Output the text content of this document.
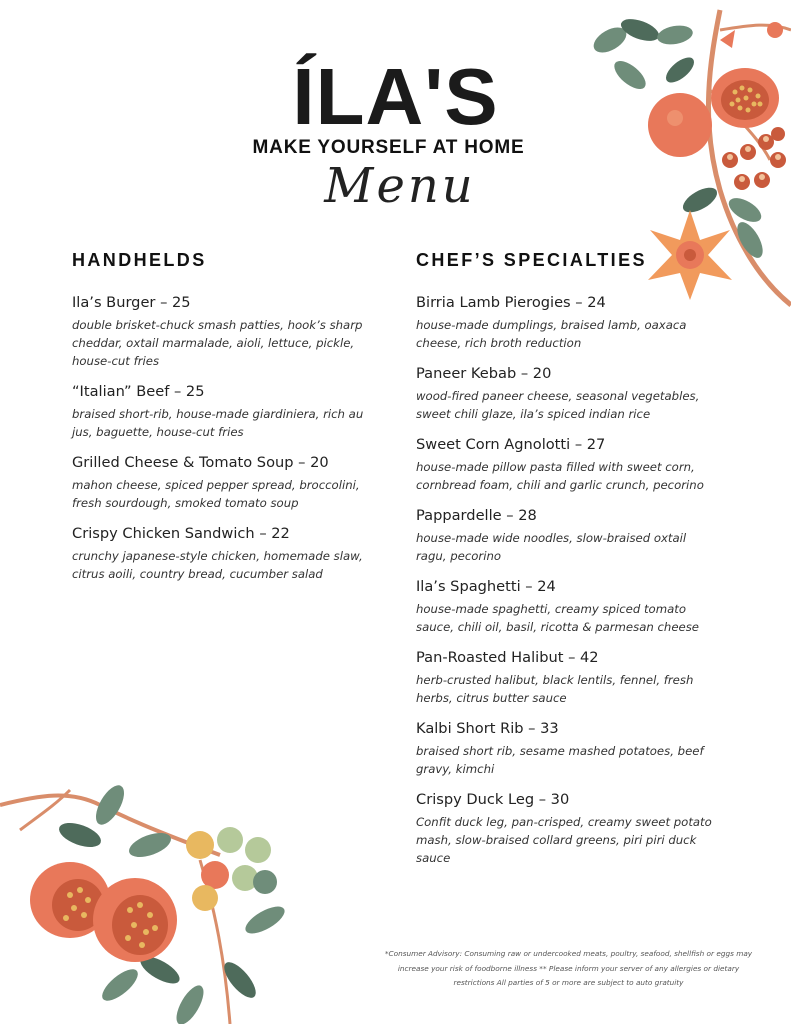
ÍLA'S
MAKE YOURSELF AT HOME
Menu
HANDHELDS
Ila’s Burger – 25
double brisket-chuck smash patties, hook’s sharp cheddar, oxtail marmalade, aioli, lettuce, pickle, house-cut fries
“Italian” Beef – 25
braised short-rib, house-made giardiniera, rich au jus, baguette, house-cut fries
Grilled Cheese & Tomato Soup – 20
mahon cheese, spiced pepper spread, broccolini, fresh sourdough, smoked tomato soup
Crispy Chicken Sandwich – 22
crunchy japanese-style chicken, homemade slaw, citrus aoili, country bread, cucumber salad
CHEF’S SPECIALTIES
Birria Lamb Pierogies – 24
house-made dumplings, braised lamb, oaxaca cheese, rich broth reduction
Paneer Kebab – 20
wood-fired paneer cheese, seasonal vegetables, sweet chili glaze, ila’s spiced indian rice
Sweet Corn Agnolotti – 27
house-made pillow pasta filled with sweet corn, cornbread foam, chili and garlic crunch, pecorino
Pappardelle – 28
house-made wide noodles, slow-braised oxtail ragu, pecorino
Ila’s Spaghetti – 24
house-made spaghetti, creamy spiced tomato sauce, chili oil, basil, ricotta & parmesan cheese
Pan-Roasted Halibut – 42
herb-crusted halibut, black lentils, fennel, fresh herbs, citrus butter sauce
Kalbi Short Rib – 33
braised short rib, sesame mashed potatoes, beef gravy, kimchi
Crispy Duck Leg – 30
Confit duck leg, pan-crisped, creamy sweet potato mash, slow-braised collard greens, piri piri duck sauce
*Consumer Advisory: Consuming raw or undercooked meats, poultry, seafood, shellfish or eggs may
increase your risk of foodborne illness ** Please inform your server of any allergies or dietary
restrictions All parties of 5 or more are subject to auto gratuity
